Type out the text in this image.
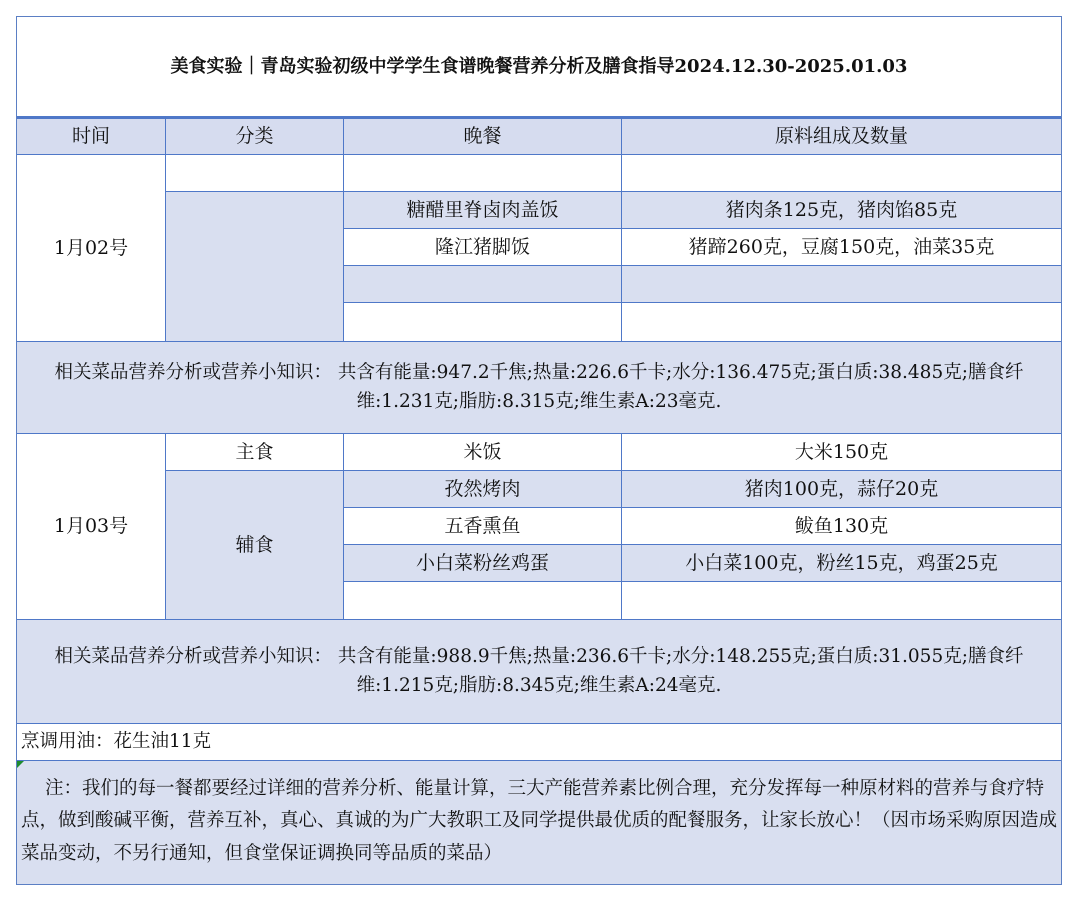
美食实验｜青岛实验初级中学学生食谱晚餐营养分析及膳食指导2024.12.30-2025.01.03
时间	分类	晚餐	原料组成及数量
1月02号
糖醋里脊卤肉盖饭	猪肉条125克，猪肉馅85克
隆江猪脚饭	猪蹄260克，豆腐150克，油菜35克
相关菜品营养分析或营养小知识： 共含有能量:947.2千焦;热量:226.6千卡;水分:136.475克;蛋白质:38.485克;膳食纤维:1.231克;脂肪:8.315克;维生素A:23毫克.
1月03号
主食	米饭	大米150克
辅食
孜然烤肉	猪肉100克，蒜仔20克
五香熏鱼	鲅鱼130克
小白菜粉丝鸡蛋	小白菜100克，粉丝15克，鸡蛋25克
相关菜品营养分析或营养小知识： 共含有能量:988.9千焦;热量:236.6千卡;水分:148.255克;蛋白质:31.055克;膳食纤维:1.215克;脂肪:8.345克;维生素A:24毫克.
烹调用油：花生油11克
注：我们的每一餐都要经过详细的营养分析、能量计算，三大产能营养素比例合理，充分发挥每一种原材料的营养与食疗特点，做到酸碱平衡，营养互补，真心、真诚的为广大教职工及同学提供最优质的配餐服务，让家长放心！（因市场采购原因造成菜品变动，不另行通知，但食堂保证调换同等品质的菜品）
